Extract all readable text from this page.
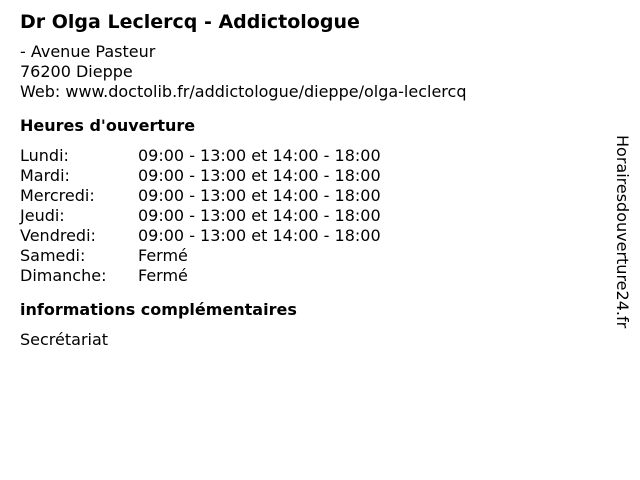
Dr Olga Leclercq - Addictologue
- Avenue Pasteur
76200 Dieppe
Web: www.doctolib.fr/addictologue/dieppe/olga-leclercq
Heures d'ouverture
Lundi:	09:00 - 13:00 et 14:00 - 18:00
Mardi:	09:00 - 13:00 et 14:00 - 18:00
Mercredi:	09:00 - 13:00 et 14:00 - 18:00
Jeudi:	09:00 - 13:00 et 14:00 - 18:00
Vendredi:	09:00 - 13:00 et 14:00 - 18:00
Samedi:	Fermé
Dimanche:	Fermé
informations complémentaires
Secrétariat
Horairesdouverture24.fr
